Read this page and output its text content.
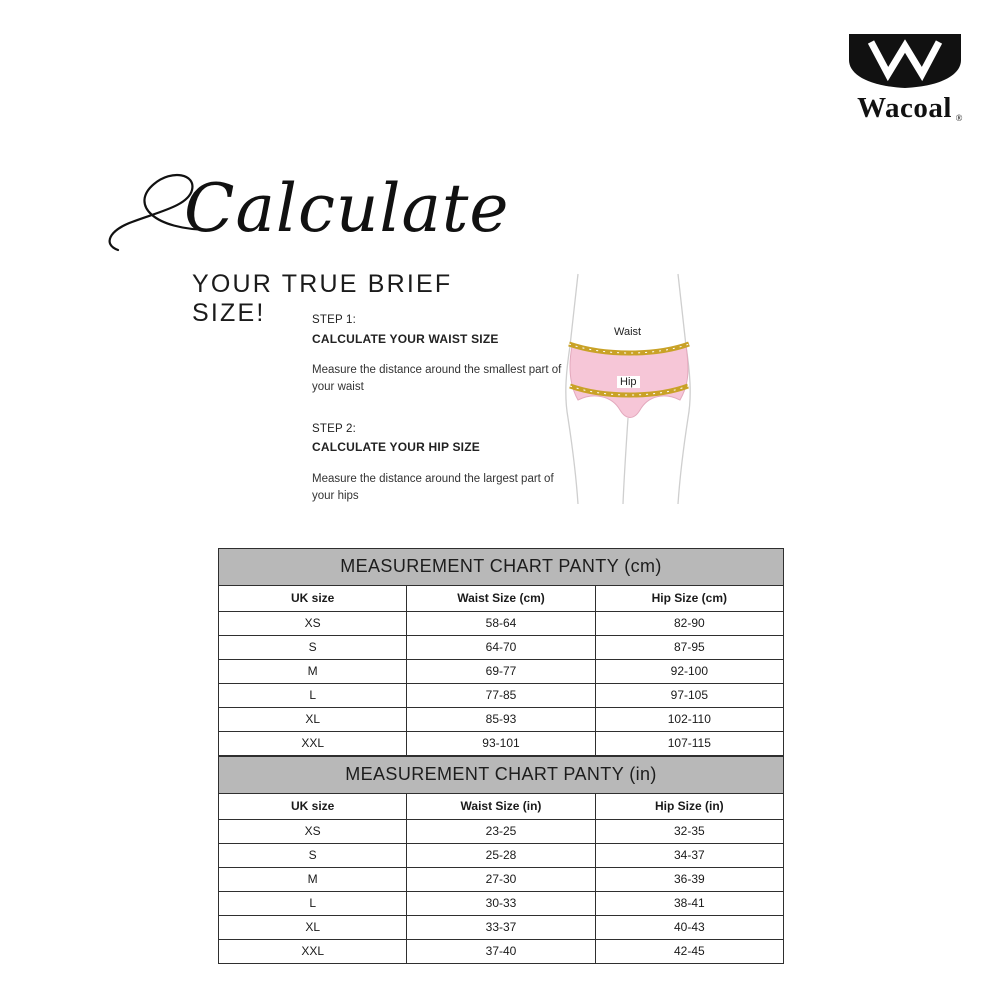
Wacoal ®
Calculate
YOUR TRUE BRIEF SIZE!	STEP 1:
CALCULATE YOUR WAIST SIZE
Measure the distance around the smallest part of your waist
STEP 2:
CALCULATE YOUR HIP SIZE
Measure the distance around the largest part of your hips
Waist
Hip
MEASUREMENT CHART PANTY (cm)		
UK size	Waist Size (cm)	Hip Size (cm)
XS	58-64	82-90
S	64-70	87-95
M	69-77	92-100
L	77-85	97-105
XL	85-93	102-110
XXL	93-101	107-115
MEASUREMENT CHART PANTY (in)		
UK size	Waist Size (in)	Hip Size (in)
XS	23-25	32-35
S	25-28	34-37
M	27-30	36-39
L	30-33	38-41
XL	33-37	40-43
XXL	37-40	42-45
